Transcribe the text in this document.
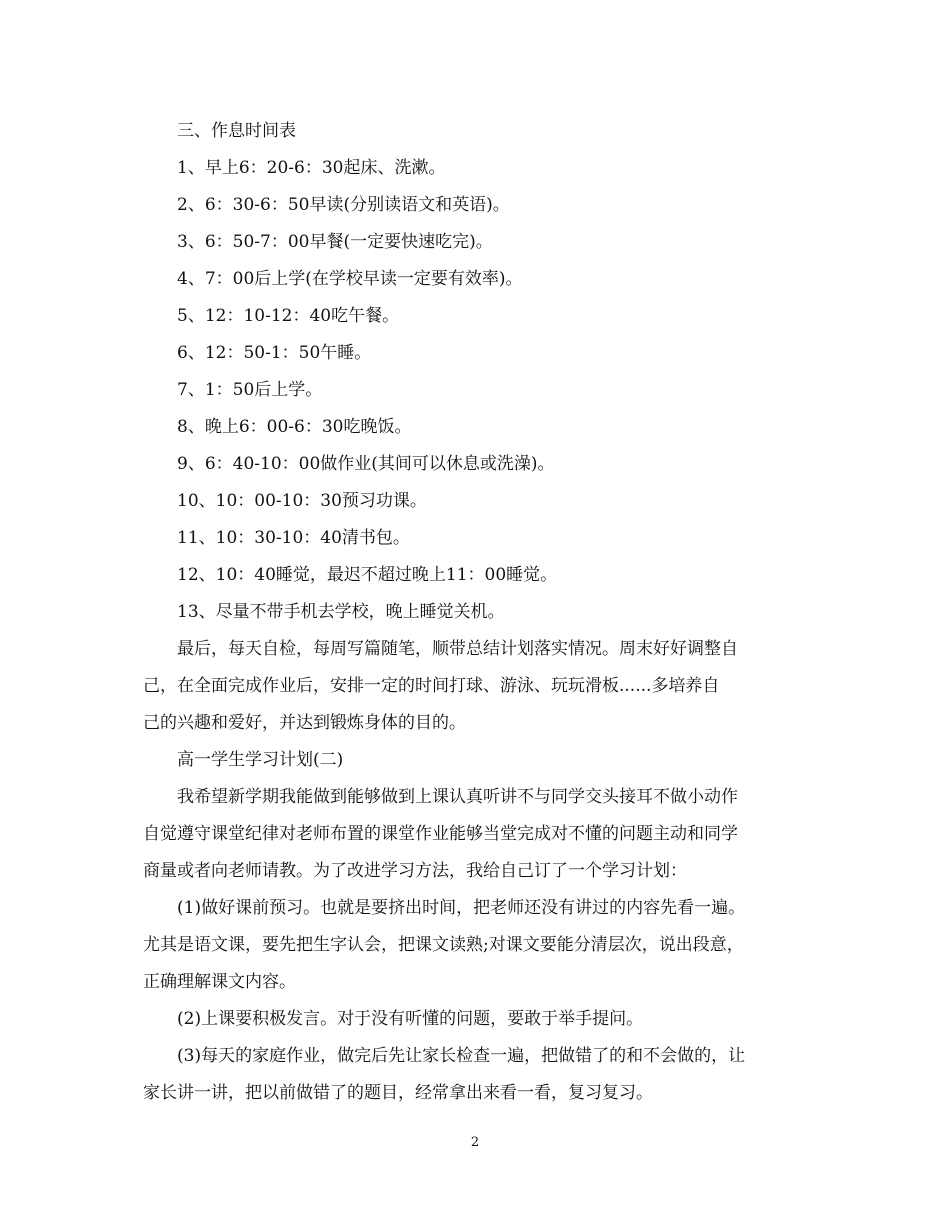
三、作息时间表
1、早上6：20-6：30起床、洗漱。
2、6：30-6：50早读(分别读语文和英语)。
3、6：50-7：00早餐(一定要快速吃完)。
4、7：00后上学(在学校早读一定要有效率)。
5、12：10-12：40吃午餐。
6、12：50-1：50午睡。
7、1：50后上学。
8、晚上6：00-6：30吃晚饭。
9、6：40-10：00做作业(其间可以休息或洗澡)。
10、10：00-10：30预习功课。
11、10：30-10：40清书包。
12、10：40睡觉，最迟不超过晚上11：00睡觉。
13、尽量不带手机去学校，晚上睡觉关机。
最后，每天自检，每周写篇随笔，顺带总结计划落实情况。周末好好调整自
己，在全面完成作业后，安排一定的时间打球、游泳、玩玩滑板......多培养自
己的兴趣和爱好，并达到锻炼身体的目的。
高一学生学习计划(二)
我希望新学期我能做到能够做到上课认真听讲不与同学交头接耳不做小动作
自觉遵守课堂纪律对老师布置的课堂作业能够当堂完成对不懂的问题主动和同学
商量或者向老师请教。为了改进学习方法，我给自己订了一个学习计划：
(1)做好课前预习。也就是要挤出时间，把老师还没有讲过的内容先看一遍。
尤其是语文课，要先把生字认会，把课文读熟;对课文要能分清层次，说出段意，
正确理解课文内容。
(2)上课要积极发言。对于没有听懂的问题，要敢于举手提问。
(3)每天的家庭作业，做完后先让家长检查一遍，把做错了的和不会做的，让
家长讲一讲，把以前做错了的题目，经常拿出来看一看，复习复习。
2
